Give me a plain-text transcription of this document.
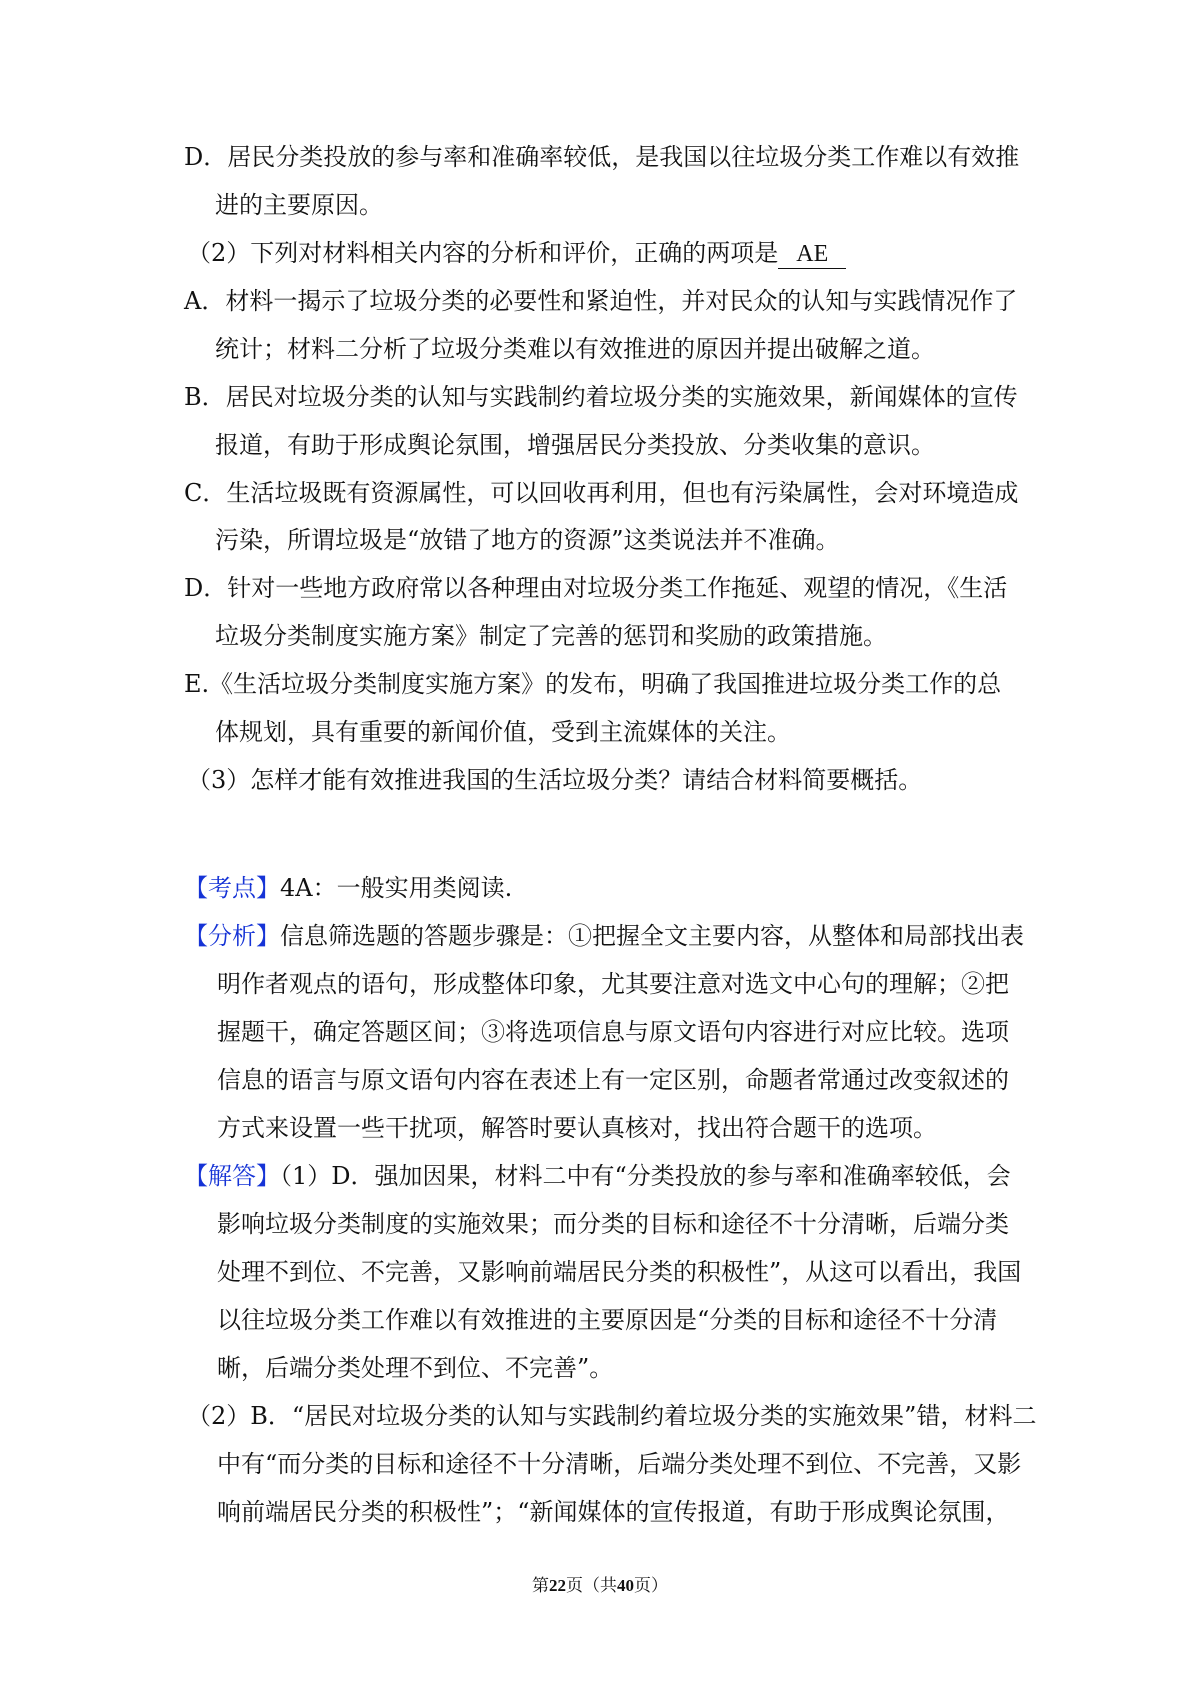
D．居民分类投放的参与率和准确率较低，是我国以往垃圾分类工作难以有效推
进的主要原因。
（2）下列对材料相关内容的分析和评价，正确的两项是 AE
A．材料一揭示了垃圾分类的必要性和紧迫性，并对民众的认知与实践情况作了
统计；材料二分析了垃圾分类难以有效推进的原因并提出破解之道。
B．居民对垃圾分类的认知与实践制约着垃圾分类的实施效果，新闻媒体的宣传
报道，有助于形成舆论氛围，增强居民分类投放、分类收集的意识。
C．生活垃圾既有资源属性，可以回收再利用，但也有污染属性，会对环境造成
污染，所谓垃圾是“放错了地方的资源”这类说法并不准确。
D．针对一些地方政府常以各种理由对垃圾分类工作拖延、观望的情况，《生活
垃圾分类制度实施方案》制定了完善的惩罚和奖励的政策措施。
E.《生活垃圾分类制度实施方案》的发布，明确了我国推进垃圾分类工作的总
体规划，具有重要的新闻价值，受到主流媒体的关注。
（3）怎样才能有效推进我国的生活垃圾分类？请结合材料简要概括。
【考点】4A：一般实用类阅读.
【分析】信息筛选题的答题步骤是：①把握全文主要内容，从整体和局部找出表
明作者观点的语句，形成整体印象，尤其要注意对选文中心句的理解；②把
握题干，确定答题区间；③将选项信息与原文语句内容进行对应比较。选项
信息的语言与原文语句内容在表述上有一定区别，命题者常通过改变叙述的
方式来设置一些干扰项，解答时要认真核对，找出符合题干的选项。
【解答】（1）D．强加因果，材料二中有“分类投放的参与率和准确率较低，会
影响垃圾分类制度的实施效果；而分类的目标和途径不十分清晰，后端分类
处理不到位、不完善，又影响前端居民分类的积极性”，从这可以看出，我国
以往垃圾分类工作难以有效推进的主要原因是“分类的目标和途径不十分清
晰，后端分类处理不到位、不完善”。
（2）B．“居民对垃圾分类的认知与实践制约着垃圾分类的实施效果”错，材料二
中有“而分类的目标和途径不十分清晰，后端分类处理不到位、不完善，又影
响前端居民分类的积极性”；“新闻媒体的宣传报道，有助于形成舆论氛围，
第22页（共40页）
